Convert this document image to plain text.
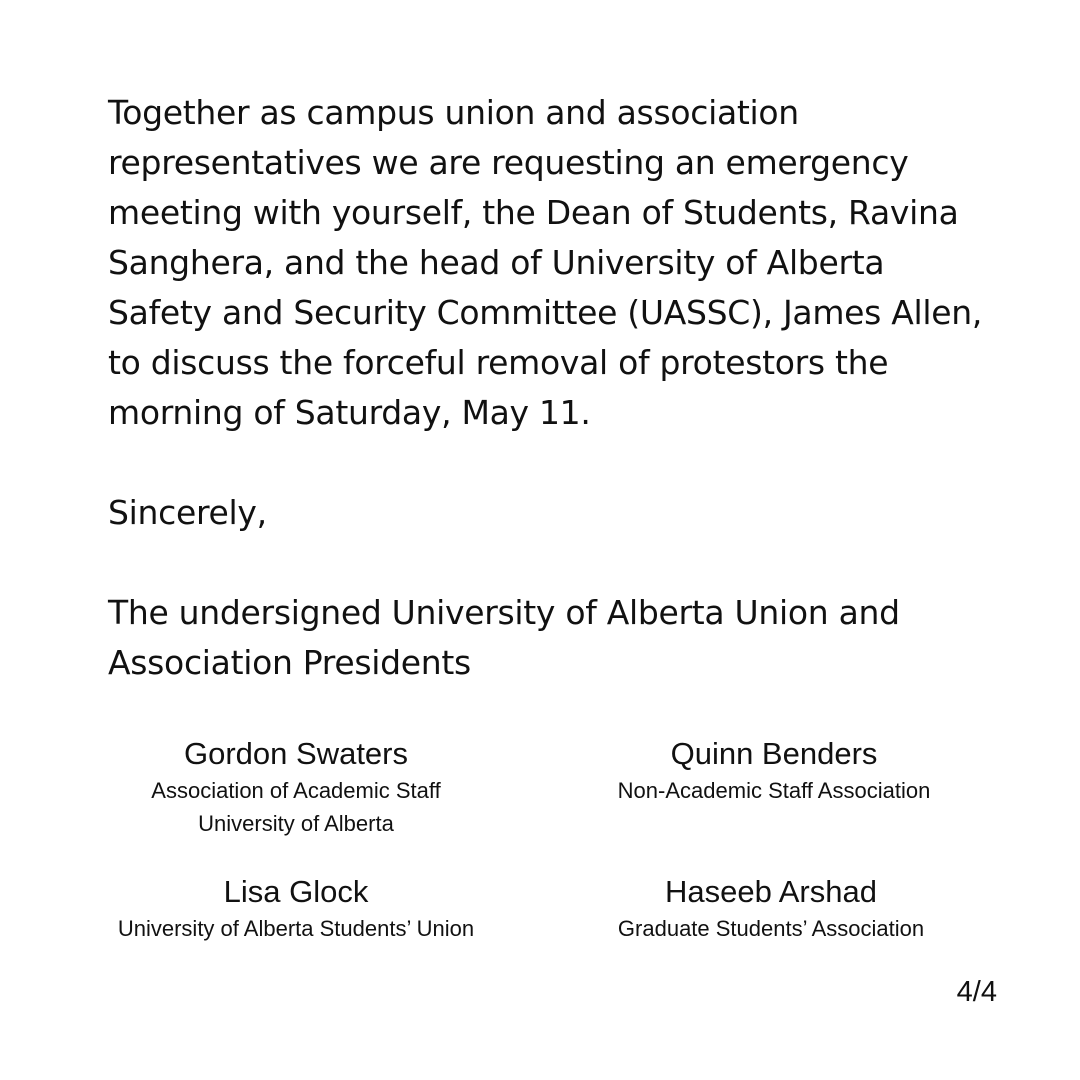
Together as campus union and association representatives we are requesting an emergency meeting with yourself, the Dean of Students, Ravina Sanghera, and the head of University of Alberta Safety and Security Committee (UASSC), James Allen, to discuss the forceful removal of protestors the morning of Saturday, May 11.

Sincerely,

The undersigned University of Alberta Union and Association Presidents

Gordon Swaters
Association of Academic Staff
University of Alberta
Quinn Benders
Non-Academic Staff Association
Lisa Glock
University of Alberta Students’ Union
Haseeb Arshad
Graduate Students’ Association
4/4
